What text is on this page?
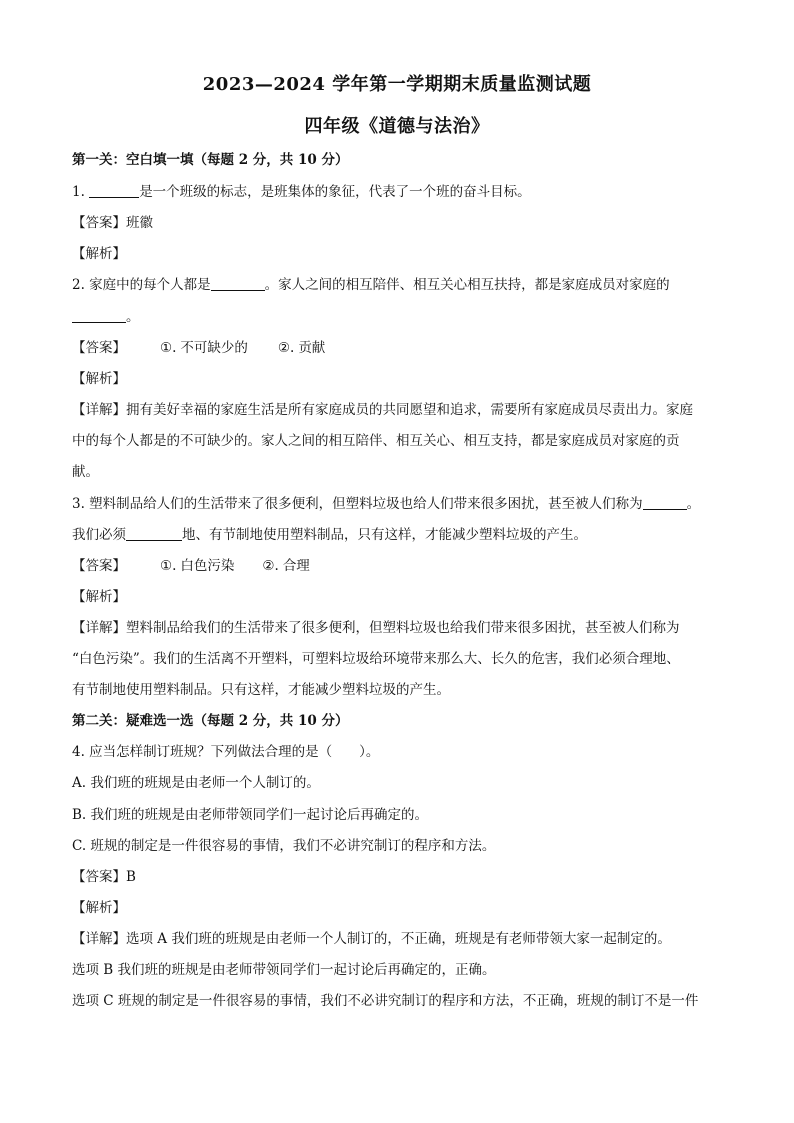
2023—2024 学年第一学期期末质量监测试题
四年级《道德与法治》
第一关：空白填一填（每题 2 分，共 10 分）
1.	是一个班级的标志，是班集体的象征，代表了一个班的奋斗目标。
【答案】班徽
【解析】
2. 家庭中的每个人都是	。家人之间的相互陪伴、相互关心相互扶持，都是家庭成员对家庭的
。
【答案】	①. 不可缺少的 ②. 贡献
【解析】
【详解】拥有美好幸福的家庭生活是所有家庭成员的共同愿望和追求，需要所有家庭成员尽责出力。家庭
中的每个人都是的不可缺少的。家人之间的相互陪伴、相互关心、相互支持，都是家庭成员对家庭的贡
献。
3. 塑料制品给人们的生活带来了很多便利，但塑料垃圾也给人们带来很多困扰，甚至被人们称为	。
我们必须	地、有节制地使用塑料制品，只有这样，才能减少塑料垃圾的产生。
【答案】	①. 白色污染 ②. 合理
【解析】
【详解】塑料制品给我们的生活带来了很多便利，但塑料垃圾也给我们带来很多困扰，甚至被人们称为
“白色污染”。我们的生活离不开塑料，可塑料垃圾给环境带来那么大、长久的危害，我们必须合理地、
有节制地使用塑料制品。只有这样，才能减少塑料垃圾的产生。
第二关：疑难选一选（每题 2 分，共 10 分）
4. 应当怎样制订班规？下列做法合理的是（　　）。
A. 我们班的班规是由老师一个人制订的。
B. 我们班的班规是由老师带领同学们一起讨论后再确定的。
C. 班规的制定是一件很容易的事情，我们不必讲究制订的程序和方法。
【答案】B
【解析】
【详解】选项 A 我们班的班规是由老师一个人制订的，不正确，班规是有老师带领大家一起制定的。
选项 B 我们班的班规是由老师带领同学们一起讨论后再确定的，正确。
选项 C 班规的制定是一件很容易的事情，我们不必讲究制订的程序和方法，不正确，班规的制订不是一件
